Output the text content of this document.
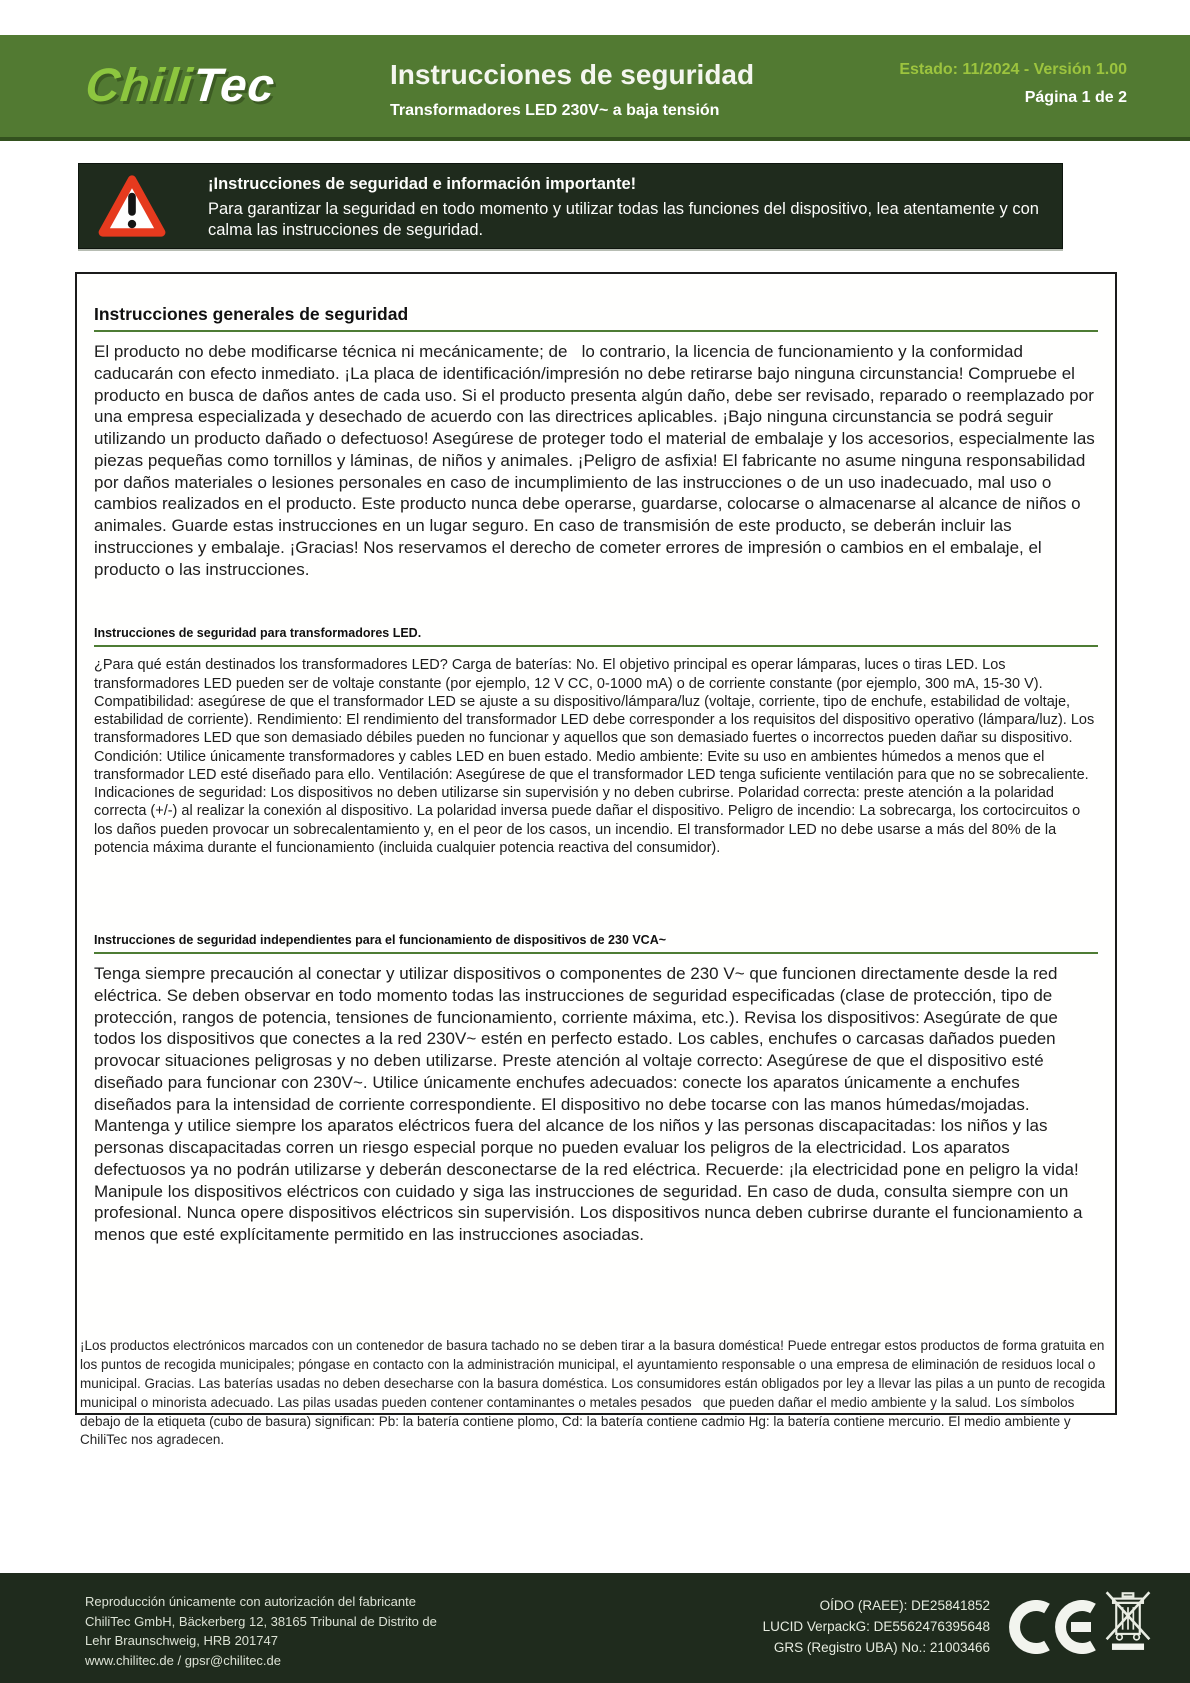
ChiliTec	Instrucciones de seguridad
Transformadores LED 230V~ a baja tensión
Estado: 11/2024 - Versión 1.00
Página 1 de 2
¡Instrucciones de seguridad e información importante!
Para garantizar la seguridad en todo momento y utilizar todas las funciones del dispositivo, lea atentamente y con calma las instrucciones de seguridad.
Instrucciones generales de seguridad
El producto no debe modificarse técnica ni mecánicamente; de   lo contrario, la licencia de funcionamiento y la conformidad caducarán con efecto inmediato. ¡La placa de identificación/impresión no debe retirarse bajo ninguna circunstancia! Compruebe el producto en busca de daños antes de cada uso. Si el producto presenta algún daño, debe ser revisado, reparado o reemplazado por una empresa especializada y desechado de acuerdo con las directrices aplicables. ¡Bajo ninguna circunstancia se podrá seguir utilizando un producto dañado o defectuoso! Asegúrese de proteger todo el material de embalaje y los accesorios, especialmente las piezas pequeñas como tornillos y láminas, de niños y animales. ¡Peligro de asfixia! El fabricante no asume ninguna responsabilidad por daños materiales o lesiones personales en caso de incumplimiento de las instrucciones o de un uso inadecuado, mal uso o cambios realizados en el producto. Este producto nunca debe operarse, guardarse, colocarse o almacenarse al alcance de niños o animales. Guarde estas instrucciones en un lugar seguro. En caso de transmisión de este producto, se deberán incluir las instrucciones y embalaje. ¡Gracias! Nos reservamos el derecho de cometer errores de impresión o cambios en el embalaje, el producto o las instrucciones.
Instrucciones de seguridad para transformadores LED.
¿Para qué están destinados los transformadores LED? Carga de baterías: No. El objetivo principal es operar lámparas, luces o tiras LED. Los transformadores LED pueden ser de voltaje constante (por ejemplo, 12 V CC, 0-1000 mA) o de corriente constante (por ejemplo, 300 mA, 15-30 V). Compatibilidad: asegúrese de que el transformador LED se ajuste a su dispositivo/lámpara/luz (voltaje, corriente, tipo de enchufe, estabilidad de voltaje, estabilidad de corriente). Rendimiento: El rendimiento del transformador LED debe corresponder a los requisitos del dispositivo operativo (lámpara/luz). Los transformadores LED que son demasiado débiles pueden no funcionar y aquellos que son demasiado fuertes o incorrectos pueden dañar su dispositivo. Condición: Utilice únicamente transformadores y cables LED en buen estado. Medio ambiente: Evite su uso en ambientes húmedos a menos que el transformador LED esté diseñado para ello. Ventilación: Asegúrese de que el transformador LED tenga suficiente ventilación para que no se sobrecaliente. Indicaciones de seguridad: Los dispositivos no deben utilizarse sin supervisión y no deben cubrirse. Polaridad correcta: preste atención a la polaridad correcta (+/-) al realizar la conexión al dispositivo. La polaridad inversa puede dañar el dispositivo. Peligro de incendio: La sobrecarga, los cortocircuitos o los daños pueden provocar un sobrecalentamiento y, en el peor de los casos, un incendio. El transformador LED no debe usarse a más del 80% de la potencia máxima durante el funcionamiento (incluida cualquier potencia reactiva del consumidor).
Instrucciones de seguridad independientes para el funcionamiento de dispositivos de 230 VCA~
Tenga siempre precaución al conectar y utilizar dispositivos o componentes de 230 V~ que funcionen directamente desde la red eléctrica. Se deben observar en todo momento todas las instrucciones de seguridad especificadas (clase de protección, tipo de protección, rangos de potencia, tensiones de funcionamiento, corriente máxima, etc.). Revisa los dispositivos: Asegúrate de que todos los dispositivos que conectes a la red 230V~ estén en perfecto estado. Los cables, enchufes o carcasas dañados pueden provocar situaciones peligrosas y no deben utilizarse. Preste atención al voltaje correcto: Asegúrese de que el dispositivo esté diseñado para funcionar con 230V~. Utilice únicamente enchufes adecuados: conecte los aparatos únicamente a enchufes diseñados para la intensidad de corriente correspondiente. El dispositivo no debe tocarse con las manos húmedas/mojadas. Mantenga y utilice siempre los aparatos eléctricos fuera del alcance de los niños y las personas discapacitadas: los niños y las personas discapacitadas corren un riesgo especial porque no pueden evaluar los peligros de la electricidad. Los aparatos defectuosos ya no podrán utilizarse y deberán desconectarse de la red eléctrica. Recuerde: ¡la electricidad pone en peligro la vida! Manipule los dispositivos eléctricos con cuidado y siga las instrucciones de seguridad. En caso de duda, consulta siempre con un profesional. Nunca opere dispositivos eléctricos sin supervisión. Los dispositivos nunca deben cubrirse durante el funcionamiento a menos que esté explícitamente permitido en las instrucciones asociadas.
¡Los productos electrónicos marcados con un contenedor de basura tachado no se deben tirar a la basura doméstica! Puede entregar estos productos de forma gratuita en los puntos de recogida municipales; póngase en contacto con la administración municipal, el ayuntamiento responsable o una empresa de eliminación de residuos local o municipal. Gracias. Las baterías usadas no deben desecharse con la basura doméstica. Los consumidores están obligados por ley a llevar las pilas a un punto de recogida municipal o minorista adecuado. Las pilas usadas pueden contener contaminantes o metales pesados   que pueden dañar el medio ambiente y la salud. Los símbolos debajo de la etiqueta (cubo de basura) significan: Pb: la batería contiene plomo, Cd: la batería contiene cadmio Hg: la batería contiene mercurio. El medio ambiente y ChiliTec nos agradecen.
Reproducción únicamente con autorización del fabricante
ChiliTec GmbH, Bäckerberg 12, 38165 Tribunal de Distrito de
Lehr Braunschweig, HRB 201747
www.chilitec.de / gpsr@chilitec.de
OÍDO (RAEE): DE25841852
LUCID VerpackG: DE5562476395648
GRS (Registro UBA) No.: 21003466
